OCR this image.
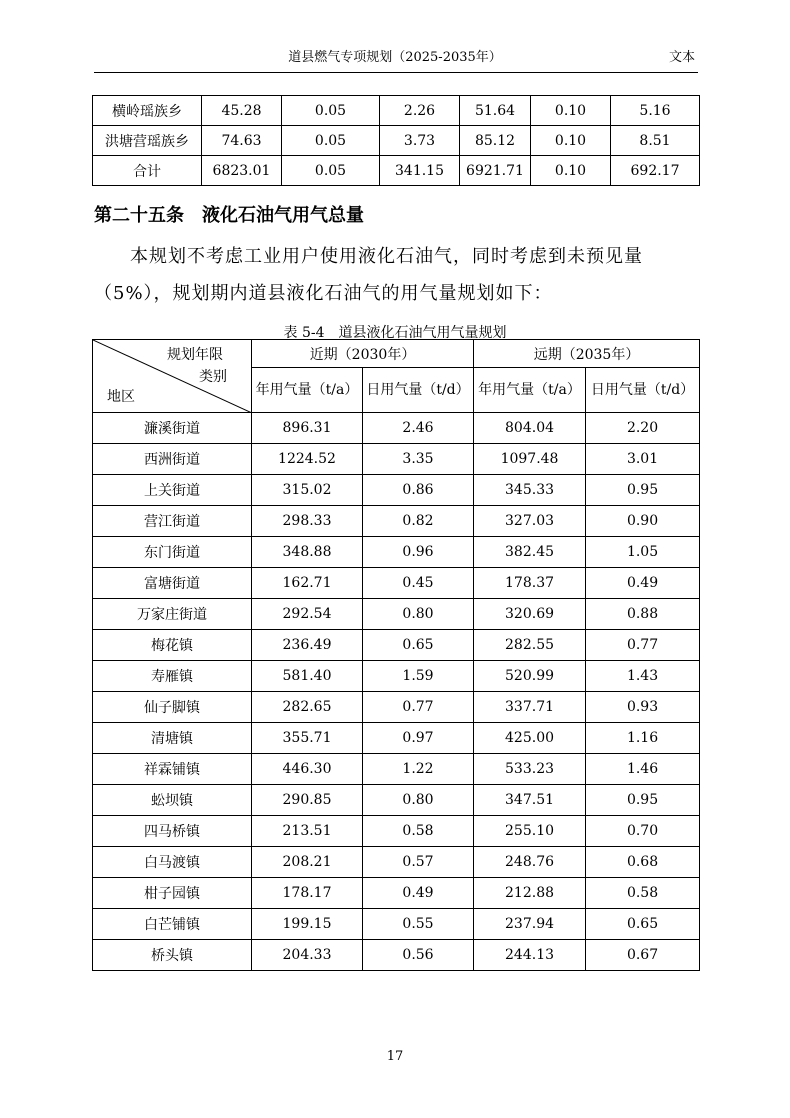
道县燃气专项规划（2025-2035年）	文本
横岭瑶族乡	45.28	0.05	2.26	51.64	0.10	5.16
洪塘营瑶族乡	74.63	0.05	3.73	85.12	0.10	8.51
合计	6823.01	0.05	341.15	6921.71	0.10	692.17
第二十五条　液化石油气用气总量
本规划不考虑工业用户使用液化石油气，同时考虑到未预见量（5%），规划期内道县液化石油气的用气量规划如下：
表 5-4　道县液化石油气用气量规划
规划年限
类别
地区	近期（2030年）		远期（2035年）	
	年用气量（t/a）	日用气量（t/d）	年用气量（t/a）	日用气量（t/d）
濂溪街道	896.31	2.46	804.04	2.20
西洲街道	1224.52	3.35	1097.48	3.01
上关街道	315.02	0.86	345.33	0.95
营江街道	298.33	0.82	327.03	0.90
东门街道	348.88	0.96	382.45	1.05
富塘街道	162.71	0.45	178.37	0.49
万家庄街道	292.54	0.80	320.69	0.88
梅花镇	236.49	0.65	282.55	0.77
寿雁镇	581.40	1.59	520.99	1.43
仙子脚镇	282.65	0.77	337.71	0.93
清塘镇	355.71	0.97	425.00	1.16
祥霖铺镇	446.30	1.22	533.23	1.46
蚣坝镇	290.85	0.80	347.51	0.95
四马桥镇	213.51	0.58	255.10	0.70
白马渡镇	208.21	0.57	248.76	0.68
柑子园镇	178.17	0.49	212.88	0.58
白芒铺镇	199.15	0.55	237.94	0.65
桥头镇	204.33	0.56	244.13	0.67
17
